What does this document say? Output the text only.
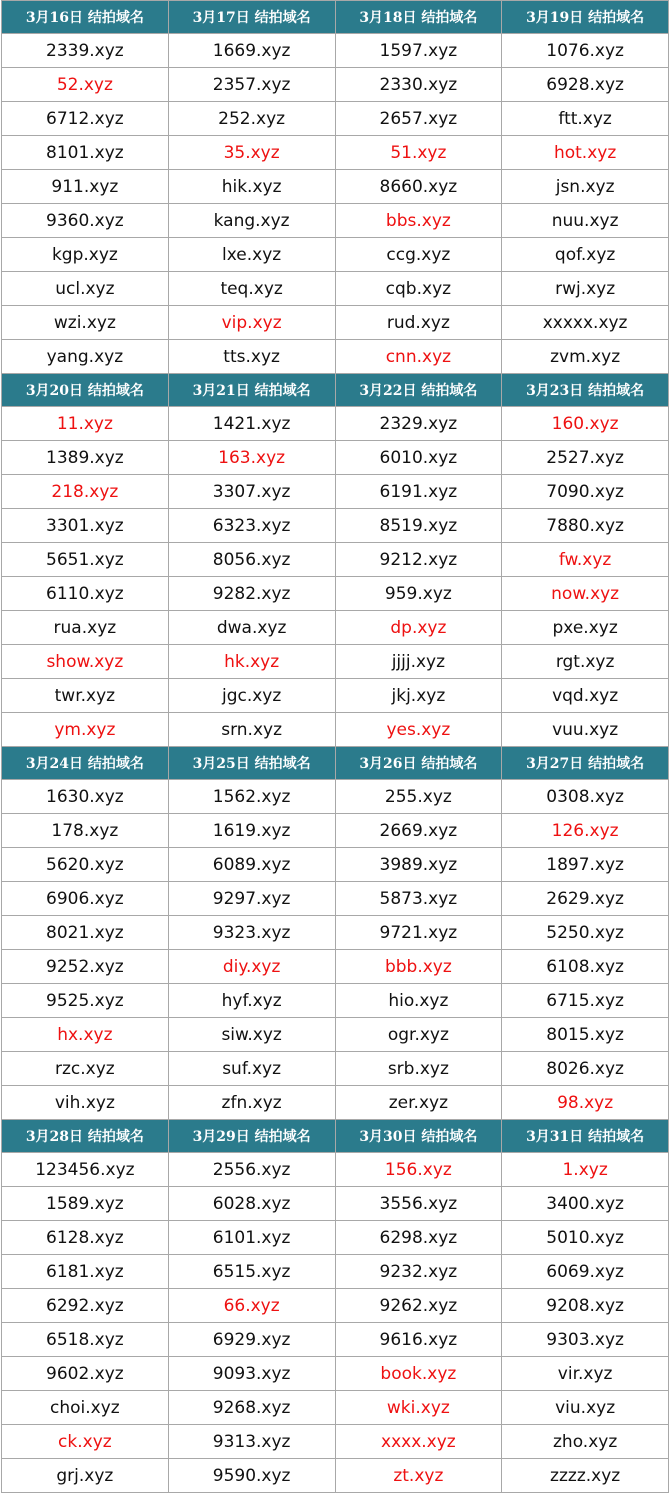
3月16日 结拍域名	3月17日 结拍域名	3月18日 结拍域名	3月19日 结拍域名
2339.xyz	1669.xyz	1597.xyz	1076.xyz
52.xyz	2357.xyz	2330.xyz	6928.xyz
6712.xyz	252.xyz	2657.xyz	ftt.xyz
8101.xyz	35.xyz	51.xyz	hot.xyz
911.xyz	hik.xyz	8660.xyz	jsn.xyz
9360.xyz	kang.xyz	bbs.xyz	nuu.xyz
kgp.xyz	lxe.xyz	ccg.xyz	qof.xyz
ucl.xyz	teq.xyz	cqb.xyz	rwj.xyz
wzi.xyz	vip.xyz	rud.xyz	xxxxx.xyz
yang.xyz	tts.xyz	cnn.xyz	zvm.xyz
3月20日 结拍域名	3月21日 结拍域名	3月22日 结拍域名	3月23日 结拍域名
11.xyz	1421.xyz	2329.xyz	160.xyz
1389.xyz	163.xyz	6010.xyz	2527.xyz
218.xyz	3307.xyz	6191.xyz	7090.xyz
3301.xyz	6323.xyz	8519.xyz	7880.xyz
5651.xyz	8056.xyz	9212.xyz	fw.xyz
6110.xyz	9282.xyz	959.xyz	now.xyz
rua.xyz	dwa.xyz	dp.xyz	pxe.xyz
show.xyz	hk.xyz	jjjj.xyz	rgt.xyz
twr.xyz	jgc.xyz	jkj.xyz	vqd.xyz
ym.xyz	srn.xyz	yes.xyz	vuu.xyz
3月24日 结拍域名	3月25日 结拍域名	3月26日 结拍域名	3月27日 结拍域名
1630.xyz	1562.xyz	255.xyz	0308.xyz
178.xyz	1619.xyz	2669.xyz	126.xyz
5620.xyz	6089.xyz	3989.xyz	1897.xyz
6906.xyz	9297.xyz	5873.xyz	2629.xyz
8021.xyz	9323.xyz	9721.xyz	5250.xyz
9252.xyz	diy.xyz	bbb.xyz	6108.xyz
9525.xyz	hyf.xyz	hio.xyz	6715.xyz
hx.xyz	siw.xyz	ogr.xyz	8015.xyz
rzc.xyz	suf.xyz	srb.xyz	8026.xyz
vih.xyz	zfn.xyz	zer.xyz	98.xyz
3月28日 结拍域名	3月29日 结拍域名	3月30日 结拍域名	3月31日 结拍域名
123456.xyz	2556.xyz	156.xyz	1.xyz
1589.xyz	6028.xyz	3556.xyz	3400.xyz
6128.xyz	6101.xyz	6298.xyz	5010.xyz
6181.xyz	6515.xyz	9232.xyz	6069.xyz
6292.xyz	66.xyz	9262.xyz	9208.xyz
6518.xyz	6929.xyz	9616.xyz	9303.xyz
9602.xyz	9093.xyz	book.xyz	vir.xyz
choi.xyz	9268.xyz	wki.xyz	viu.xyz
ck.xyz	9313.xyz	xxxx.xyz	zho.xyz
grj.xyz	9590.xyz	zt.xyz	zzzz.xyz
